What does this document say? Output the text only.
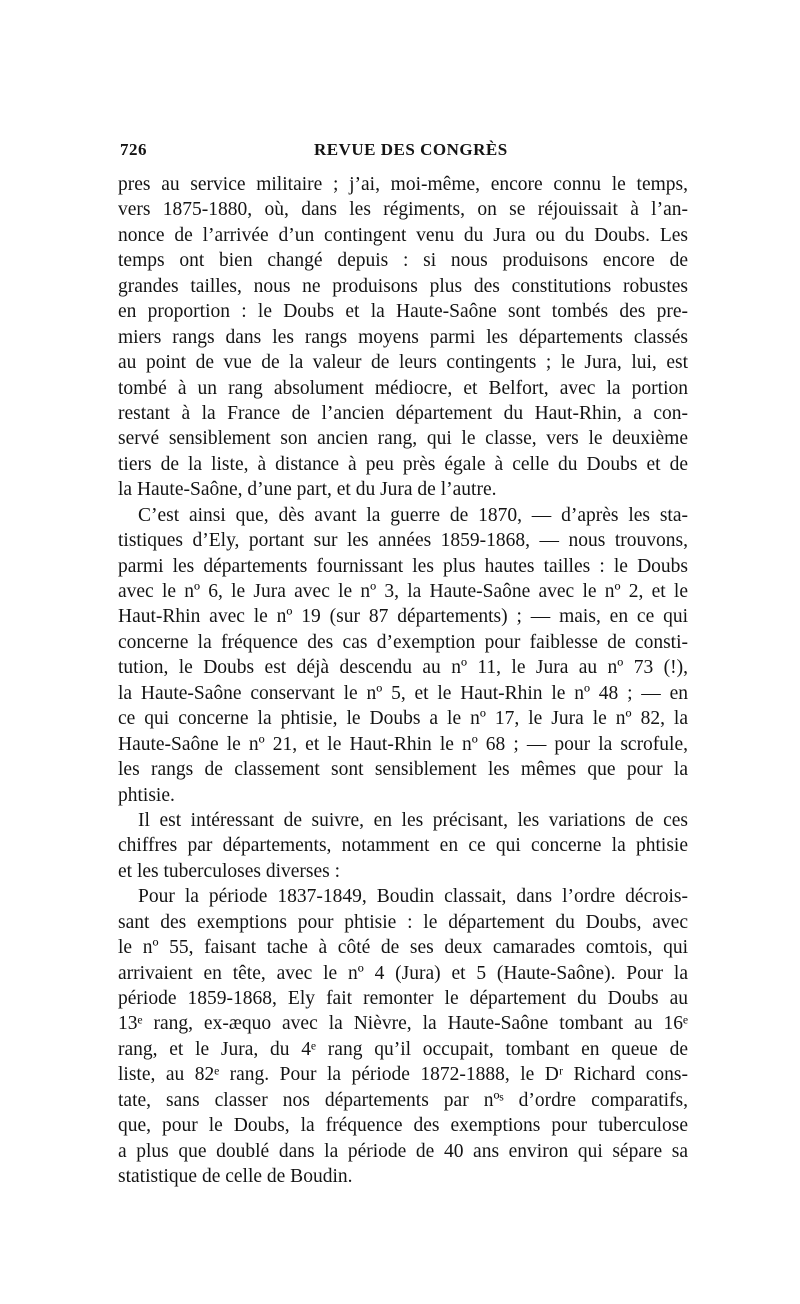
726	REVUE DES CONGRÈS
pres au service militaire ; j’ai, moi-même, encore connu le temps,
vers 1875-1880, où, dans les régiments, on se réjouissait à l’an-
nonce de l’arrivée d’un contingent venu du Jura ou du Doubs. Les
temps ont bien changé depuis : si nous produisons encore de
grandes tailles, nous ne produisons plus des constitutions robustes
en proportion : le Doubs et la Haute-Saône sont tombés des pre-
miers rangs dans les rangs moyens parmi les départements classés
au point de vue de la valeur de leurs contingents ; le Jura, lui, est
tombé à un rang absolument médiocre, et Belfort, avec la portion
restant à la France de l’ancien département du Haut-Rhin, a con-
servé sensiblement son ancien rang, qui le classe, vers le deuxième
tiers de la liste, à distance à peu près égale à celle du Doubs et de
la Haute-Saône, d’une part, et du Jura de l’autre.
C’est ainsi que, dès avant la guerre de 1870, — d’après les sta-
tistiques d’Ely, portant sur les années 1859-1868, — nous trouvons,
parmi les départements fournissant les plus hautes tailles : le Doubs
avec le nº 6, le Jura avec le nº 3, la Haute-Saône avec le nº 2, et le
Haut-Rhin avec le nº 19 (sur 87 départements) ; — mais, en ce qui
concerne la fréquence des cas d’exemption pour faiblesse de consti-
tution, le Doubs est déjà descendu au nº 11, le Jura au nº 73 (!),
la Haute-Saône conservant le nº 5, et le Haut-Rhin le nº 48 ; — en
ce qui concerne la phtisie, le Doubs a le nº 17, le Jura le nº 82, la
Haute-Saône le nº 21, et le Haut-Rhin le nº 68 ; — pour la scrofule,
les rangs de classement sont sensiblement les mêmes que pour la
phtisie.
Il est intéressant de suivre, en les précisant, les variations de ces
chiffres par départements, notamment en ce qui concerne la phtisie
et les tuberculoses diverses :
Pour la période 1837-1849, Boudin classait, dans l’ordre décrois-
sant des exemptions pour phtisie : le département du Doubs, avec
le nº 55, faisant tache à côté de ses deux camarades comtois, qui
arrivaient en tête, avec le nº 4 (Jura) et 5 (Haute-Saône). Pour la
période 1859-1868, Ely fait remonter le département du Doubs au
13ᵉ rang, ex-æquo avec la Nièvre, la Haute-Saône tombant au 16ᵉ
rang, et le Jura, du 4ᵉ rang qu’il occupait, tombant en queue de
liste, au 82ᵉ rang. Pour la période 1872-1888, le Dʳ Richard cons-
tate, sans classer nos départements par nºˢ d’ordre comparatifs,
que, pour le Doubs, la fréquence des exemptions pour tuberculose
a plus que doublé dans la période de 40 ans environ qui sépare sa
statistique de celle de Boudin.
